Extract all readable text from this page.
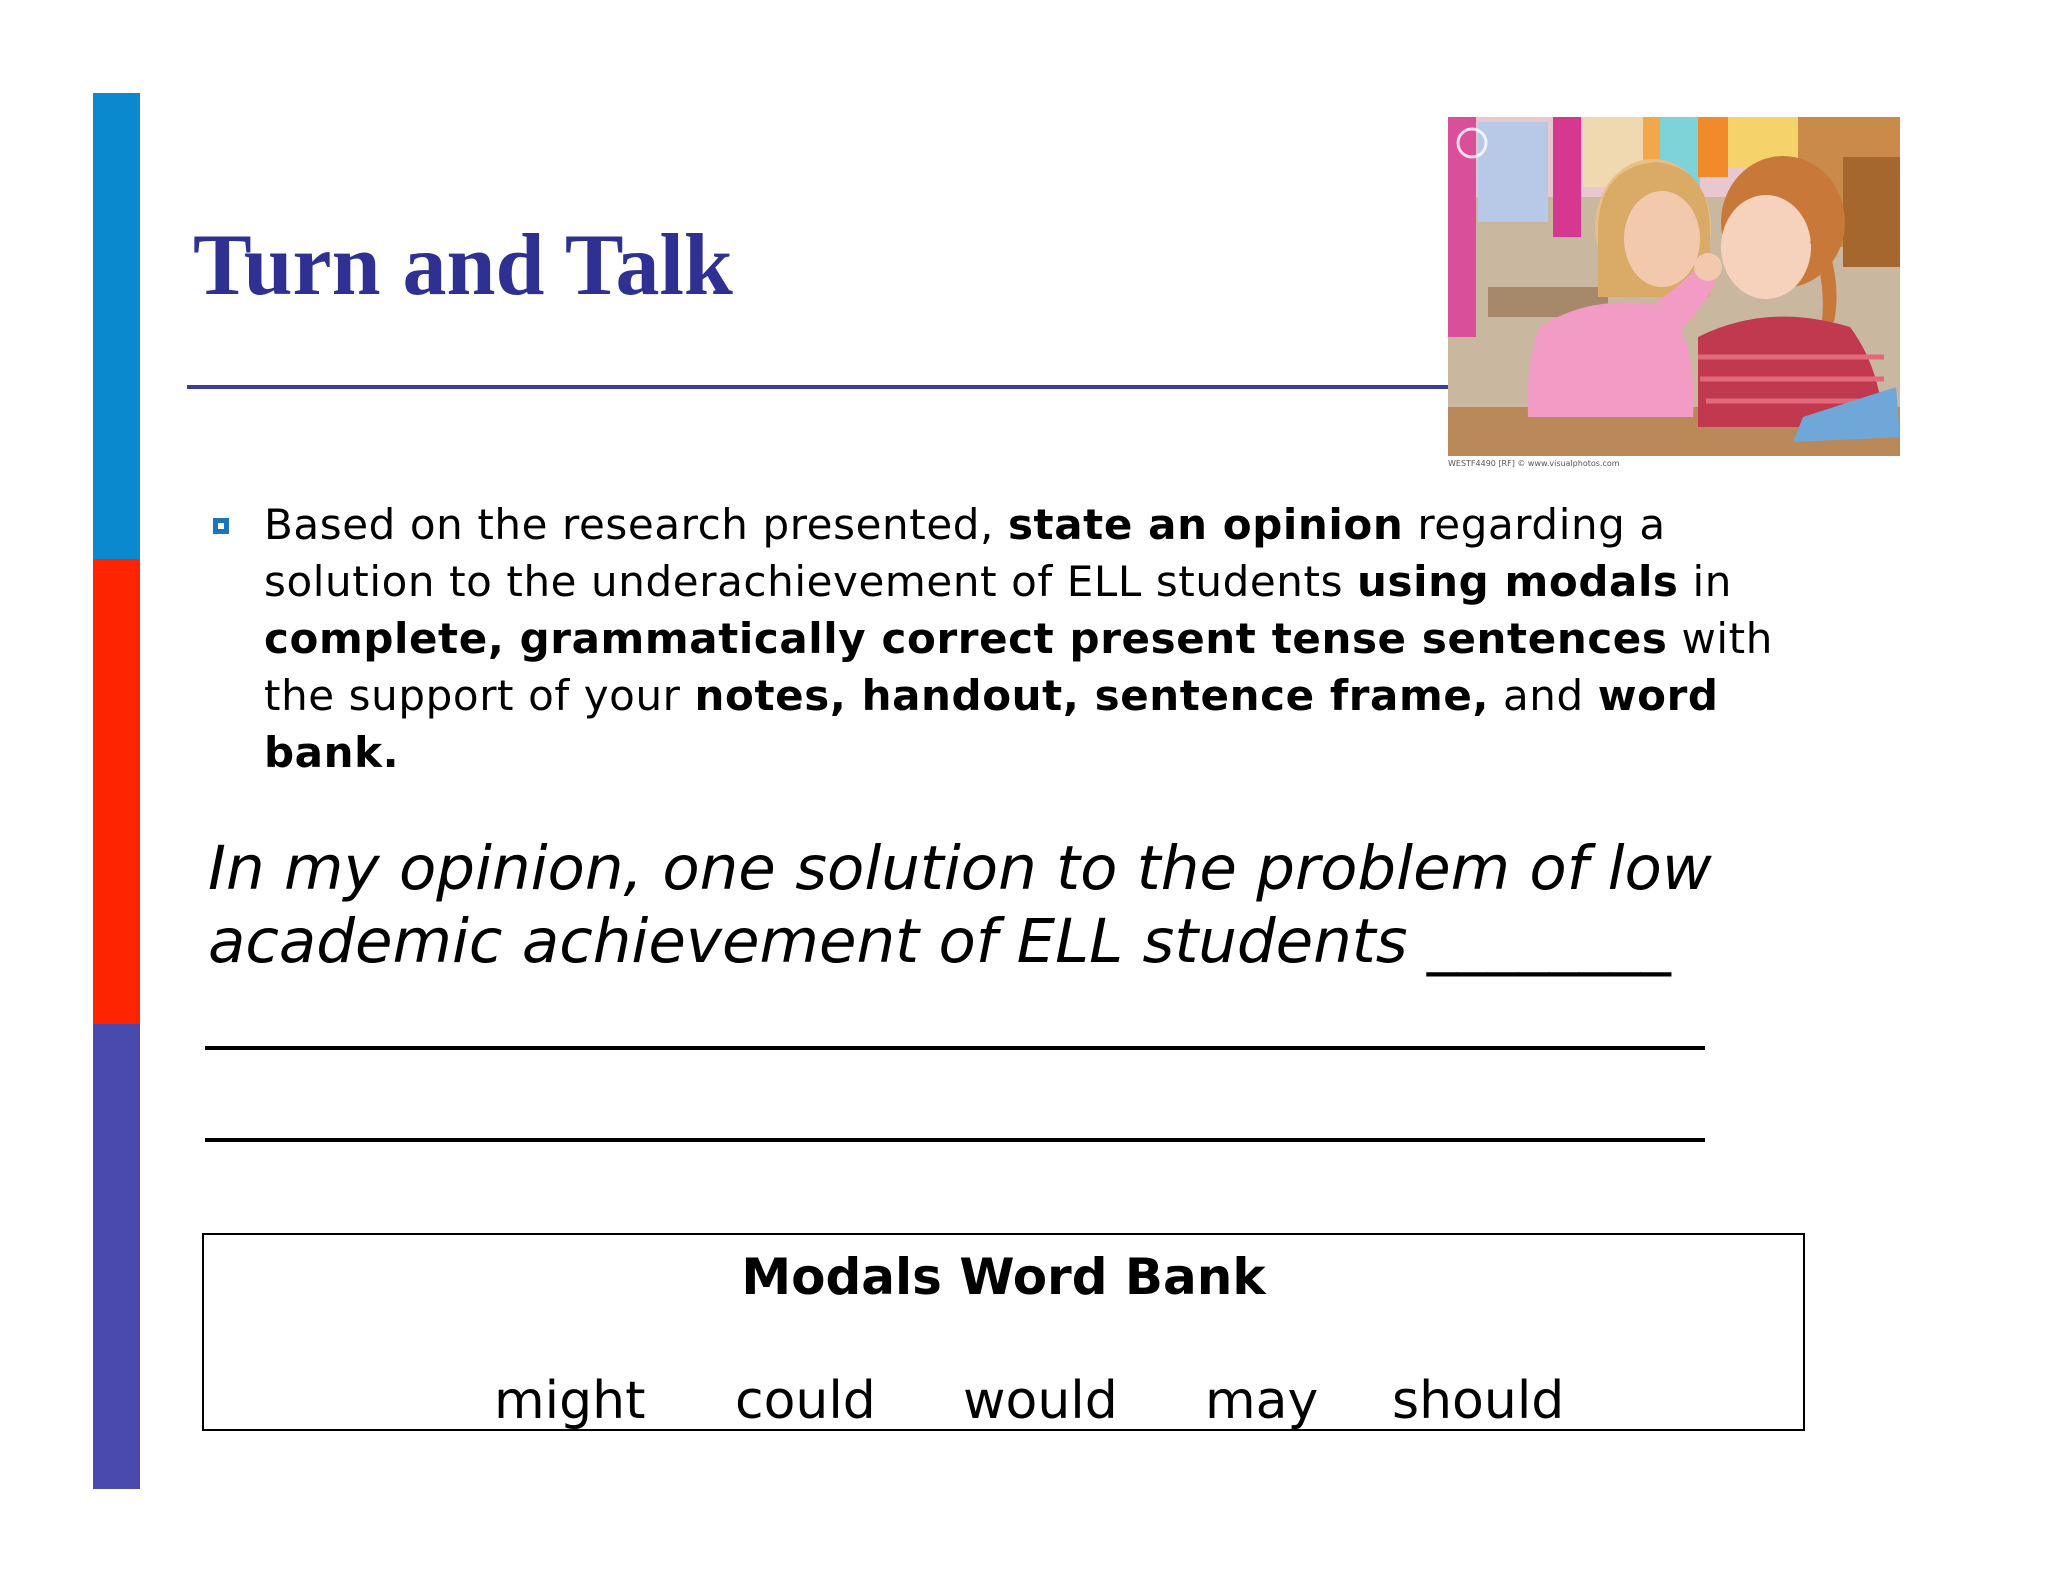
Turn and Talk
WESTF4490 [RF] © www.visualphotos.com

Based on the research presented, state an opinion regarding a solution to the underachievement of ELL students using modals in complete, grammatically correct present tense sentences with the support of your notes, handout, sentence frame, and word bank.

In my opinion, one solution to the problem of low
academic achievement of ELL students ________
Modals Word Bank
might could would may should
